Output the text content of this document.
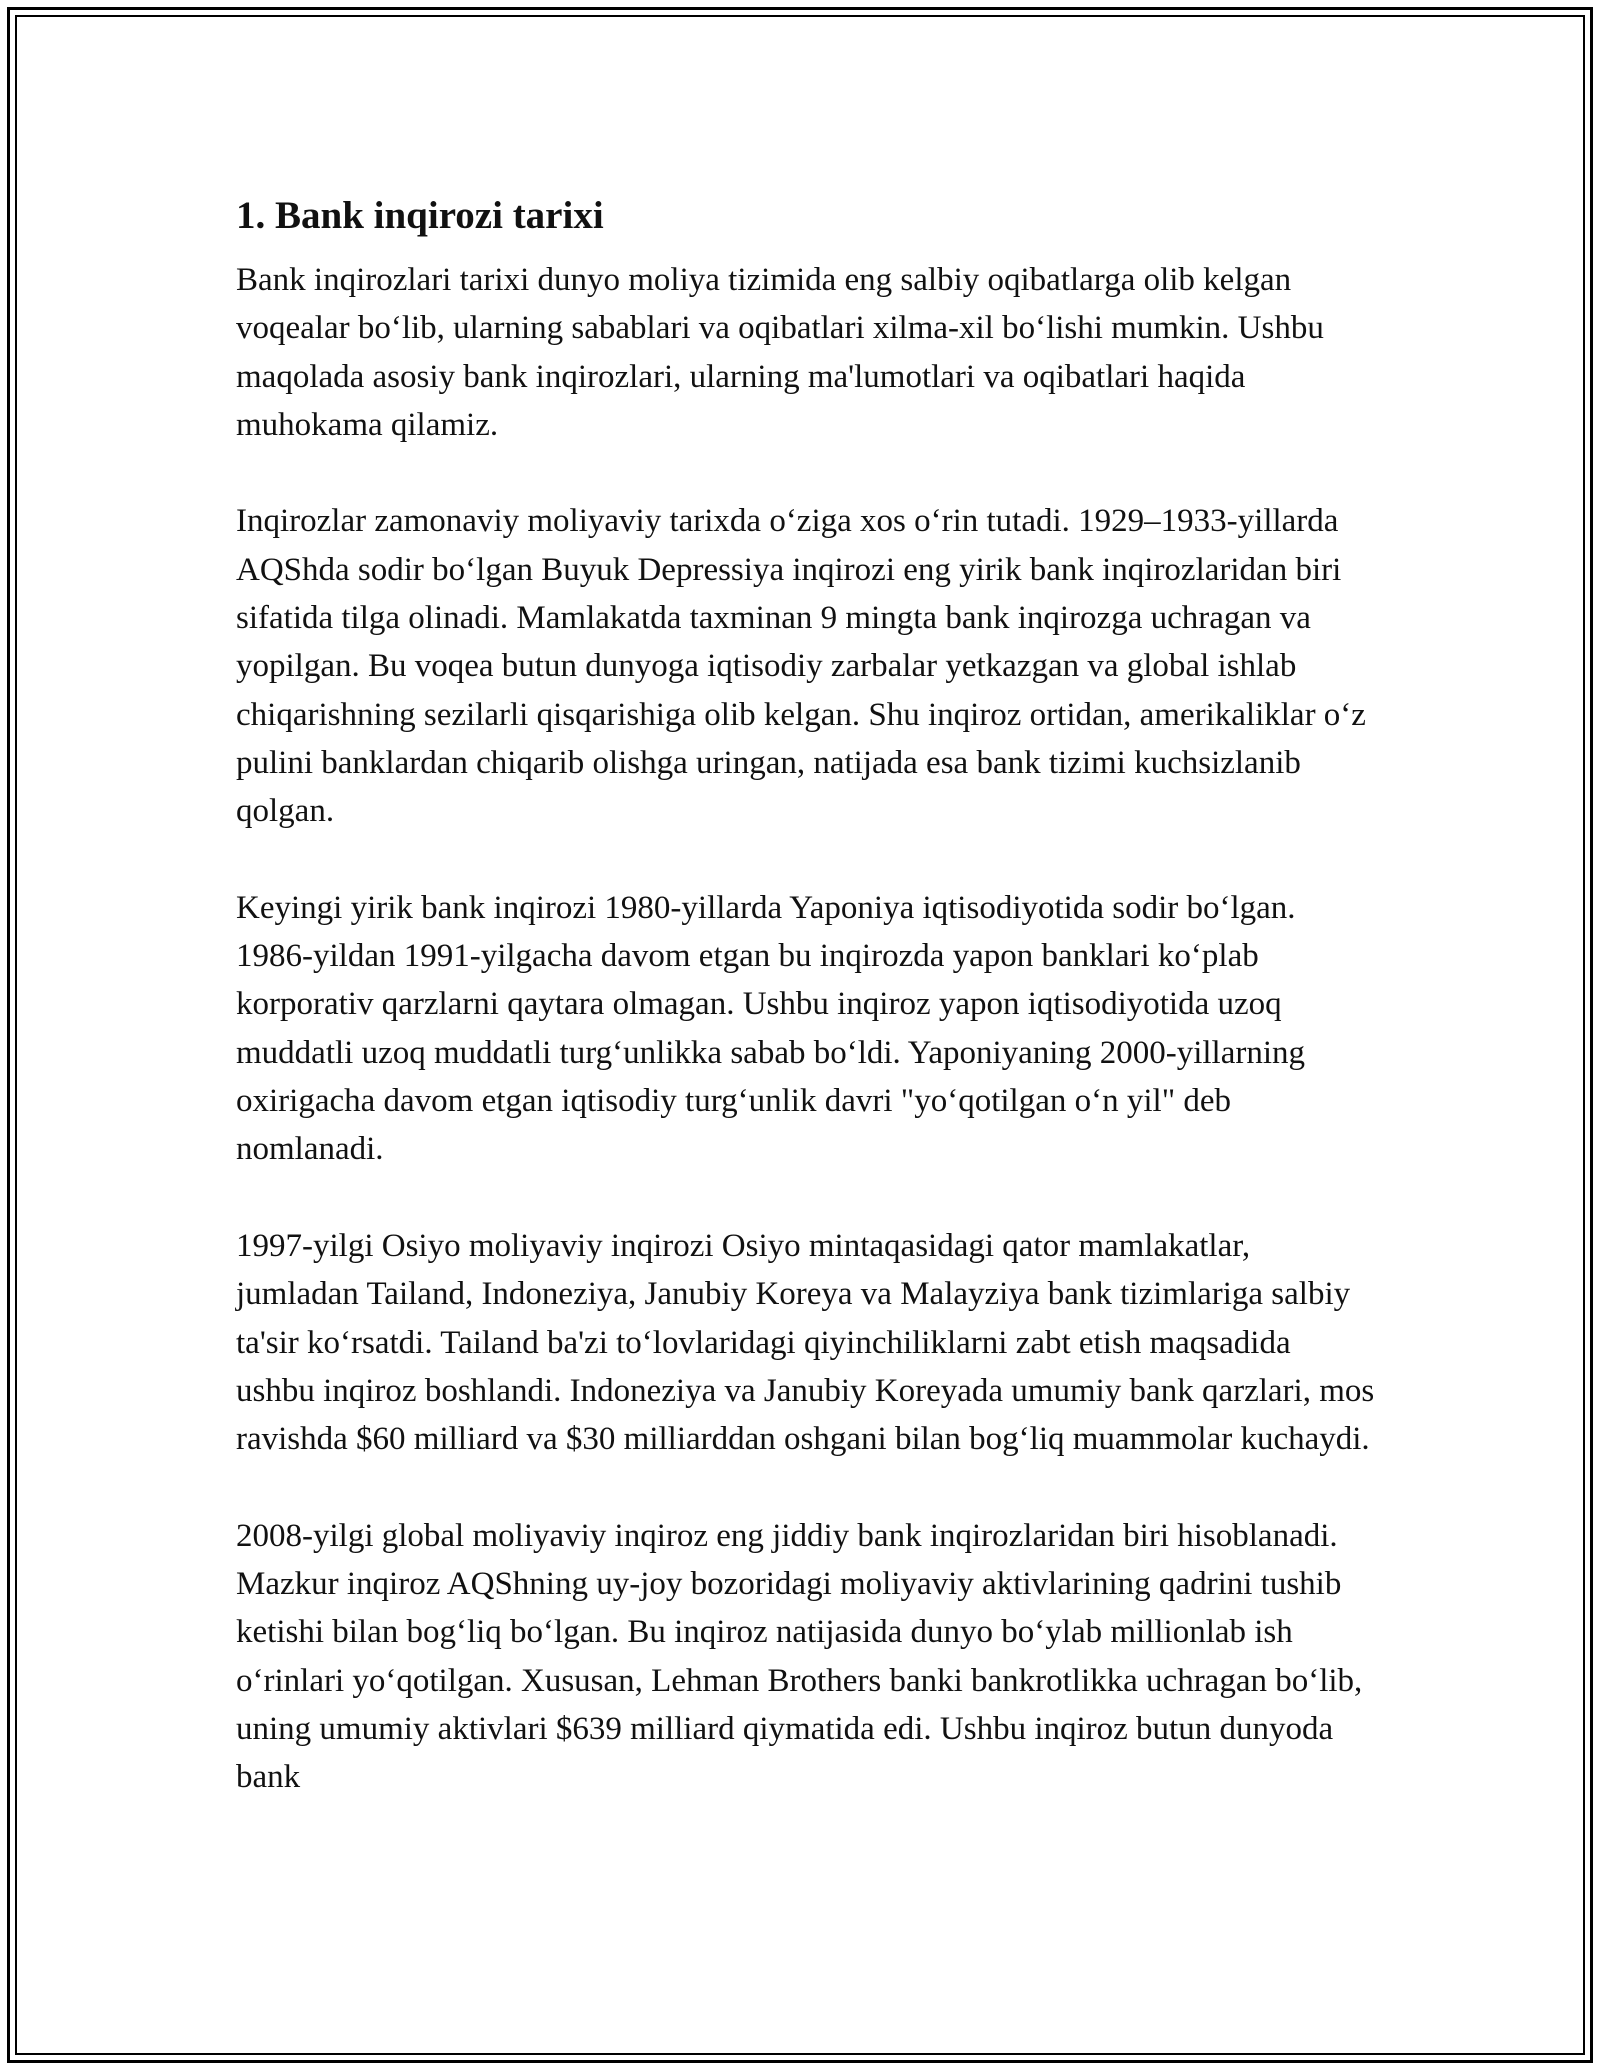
1. Bank inqirozi tarixi
Bank inqirozlari tarixi dunyo moliya tizimida eng salbiy oqibatlarga olib kelgan voqealar bo‘lib, ularning sabablari va oqibatlari xilma-xil bo‘lishi mumkin. Ushbu maqolada asosiy bank inqirozlari, ularning ma'lumotlari va oqibatlari haqida muhokama qilamiz.
Inqirozlar zamonaviy moliyaviy tarixda o‘ziga xos o‘rin tutadi. 1929–1933-yillarda AQShda sodir bo‘lgan Buyuk Depressiya inqirozi eng yirik bank inqirozlaridan biri sifatida tilga olinadi. Mamlakatda taxminan 9 mingta bank inqirozga uchragan va yopilgan. Bu voqea butun dunyoga iqtisodiy zarbalar yetkazgan va global ishlab chiqarishning sezilarli qisqarishiga olib kelgan. Shu inqiroz ortidan, amerikaliklar o‘z pulini banklardan chiqarib olishga uringan, natijada esa bank tizimi kuchsizlanib qolgan.
Keyingi yirik bank inqirozi 1980-yillarda Yaponiya iqtisodiyotida sodir bo‘lgan. 1986-yildan 1991-yilgacha davom etgan bu inqirozda yapon banklari ko‘plab korporativ qarzlarni qaytara olmagan. Ushbu inqiroz yapon iqtisodiyotida uzoq muddatli uzoq muddatli turg‘unlikka sabab bo‘ldi. Yaponiyaning 2000-yillarning oxirigacha davom etgan iqtisodiy turg‘unlik davri "yo‘qotilgan o‘n yil" deb nomlanadi.
1997-yilgi Osiyo moliyaviy inqirozi Osiyo mintaqasidagi qator mamlakatlar, jumladan Tailand, Indoneziya, Janubiy Koreya va Malayziya bank tizimlariga salbiy ta'sir ko‘rsatdi. Tailand ba'zi to‘lovlaridagi qiyinchiliklarni zabt etish maqsadida ushbu inqiroz boshlandi. Indoneziya va Janubiy Koreyada umumiy bank qarzlari, mos ravishda $60 milliard va $30 milliarddan oshgani bilan bog‘liq muammolar kuchaydi.
2008-yilgi global moliyaviy inqiroz eng jiddiy bank inqirozlaridan biri hisoblanadi. Mazkur inqiroz AQShning uy-joy bozoridagi moliyaviy aktivlarining qadrini tushib ketishi bilan bog‘liq bo‘lgan. Bu inqiroz natijasida dunyo bo‘ylab millionlab ish o‘rinlari yo‘qotilgan. Xususan, Lehman Brothers banki bankrotlikka uchragan bo‘lib, uning umumiy aktivlari $639 milliard qiymatida edi. Ushbu inqiroz butun dunyoda bank
